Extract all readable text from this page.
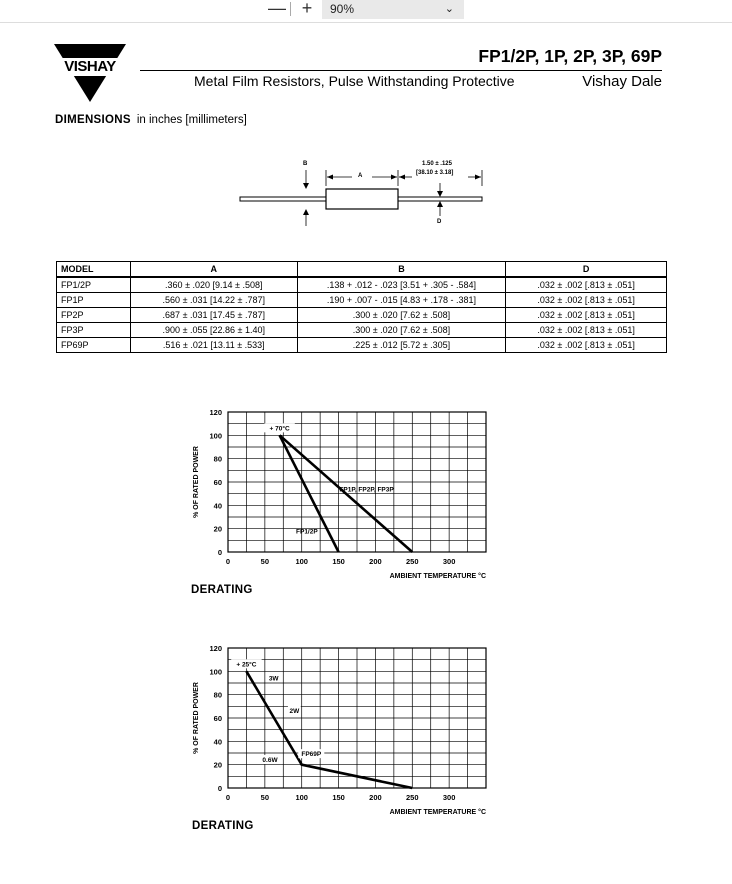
— +	90%	⌄
VISHAY
FP1/2P, 1P, 2P, 3P, 69P
Metal Film Resistors, Pulse Withstanding Protective	Vishay Dale
DIMENSIONS in inches [millimeters]
B
A
1.50 ± .125
[38.10 ± 3.18]
D
MODEL	A	B	D
FP1/2P	.360 ± .020 [9.14 ± .508]	.138 + .012 - .023 [3.51 + .305 - .584]	.032 ± .002 [.813 ± .051]
FP1P	.560 ± .031 [14.22 ± .787]	.190 + .007 - .015 [4.83 + .178 - .381]	.032 ± .002 [.813 ± .051]
FP2P	.687 ± .031 [17.45 ± .787]	.300 ± .020 [7.62 ± .508]	.032 ± .002 [.813 ± .051]
FP3P	.900 ± .055 [22.86 ± 1.40]	.300 ± .020 [7.62 ± .508]	.032 ± .002 [.813 ± .051]
FP69P	.516 ± .021 [13.11 ± .533]	.225 ± .012 [5.72 ± .305]	.032 ± .002 [.813 ± .051]
0	50	100	150	200	250	300
0
20
40
60
80
100
120
AMBIENT TEMPERATURE °C
% OF RATED POWER	FP1P, FP2P, FP3P
FP1/2P
+ 70°C
DERATING
0	50	100	150	200	250	300
0
20
40
60
80
100
120
AMBIENT TEMPERATURE °C
% OF RATED POWER
+ 25°C
3W
2W
0.6W
FP69P
DERATING
